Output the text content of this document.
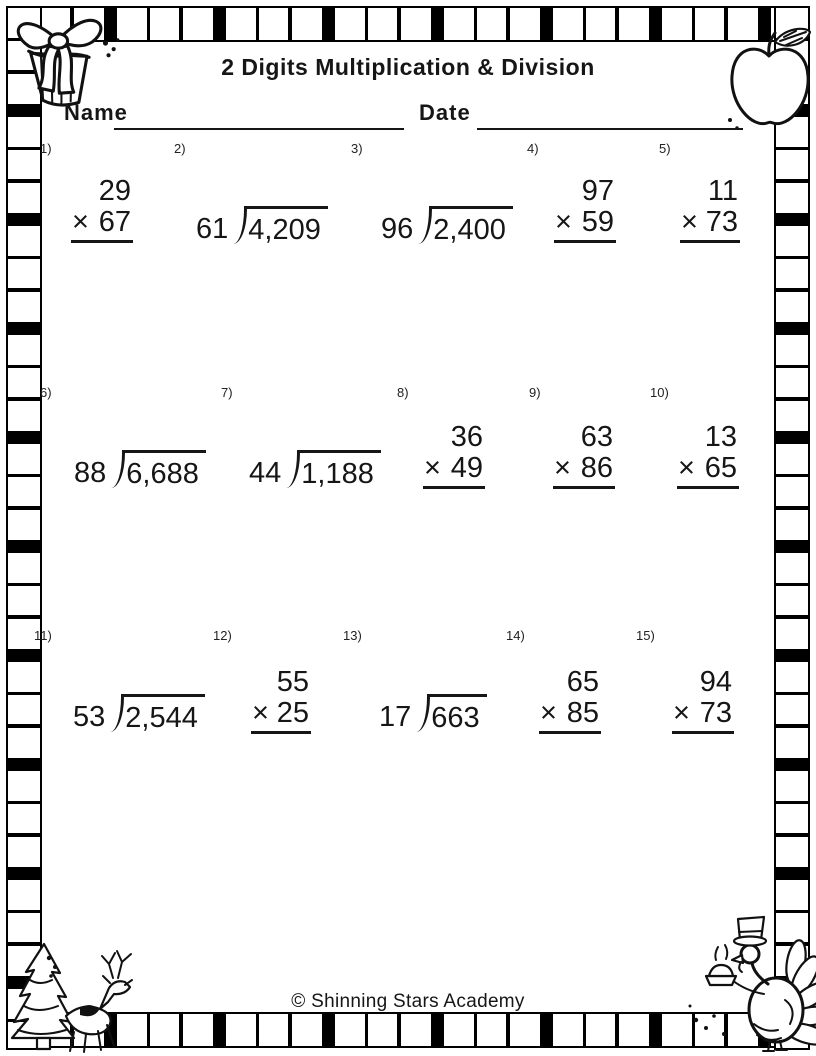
2 Digits Multiplication & Division
Name	Date
1)	2)	3)	4)	5)
6)	7)	8)	9)	10)
11)	12)	13)	14)	15)
29
× 67 61 4,209 96 2,400
97
× 59
11
× 73
88 6,688 44 1,188
36
× 49
63
× 86
13
× 65
53 2,544
55
× 25 17 663
65
× 85
94
× 73
© Shinning Stars Academy
